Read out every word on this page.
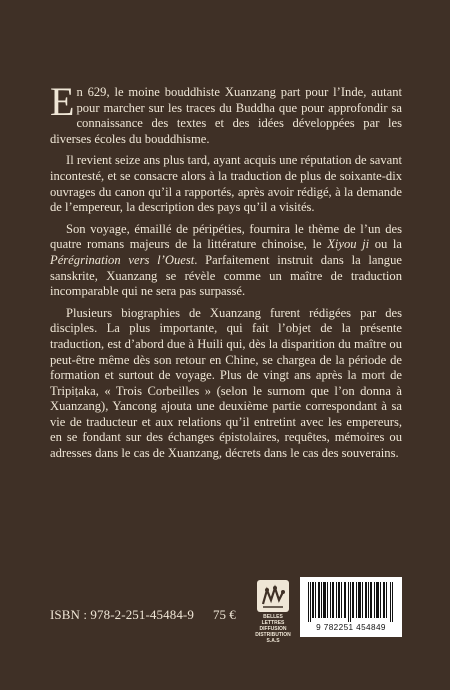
En 629, le moine bouddhiste Xuanzang part pour l’Inde, autant pour marcher sur les traces du Buddha que pour approfondir sa connaissance des textes et des idées développées par les diverses écoles du bouddhisme.

Il revient seize ans plus tard, ayant acquis une réputation de savant incontesté, et se consacre alors à la traduction de plus de soixante-dix ouvrages du canon qu’il a rapportés, après avoir rédigé, à la demande de l’empereur, la description des pays qu’il a visités.

Son voyage, émaillé de péripéties, fournira le thème de l’un des quatre romans majeurs de la littérature chinoise, le Xiyou ji ou la Pérégrination vers l’Ouest. Parfaitement instruit dans la langue sanskrite, Xuanzang se révèle comme un maître de traduction incomparable qui ne sera pas surpassé.

Plusieurs biographies de Xuanzang furent rédigées par des disciples. La plus importante, qui fait l’objet de la présente traduction, est d’abord due à Huili qui, dès la disparition du maître ou peut-être même dès son retour en Chine, se chargea de la période de formation et surtout de voyage. Plus de vingt ans après la mort de Tripiṭaka, « Trois Corbeilles » (selon le surnom que l’on donna à Xuanzang), Yancong ajouta une deuxième partie correspondant à sa vie de traducteur et aux relations qu’il entretint avec les empereurs, en se fondant sur des échanges épistolaires, requêtes, mémoires ou adresses dans le cas de Xuanzang, décrets dans le cas des souverains.

ISBN : 978-2-251-45484-9 75 €	BELLES LETTRES
DIFFUSION
DISTRIBUTION
S.A.S
9 782251 454849
